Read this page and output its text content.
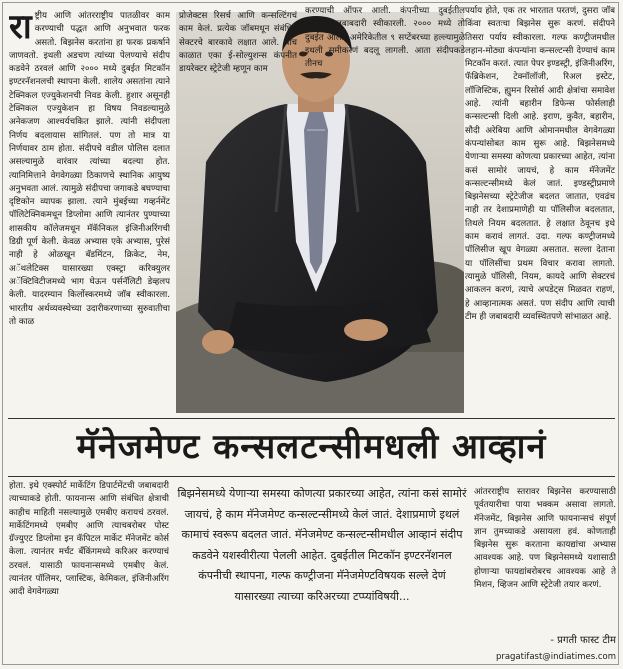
राष्ट्रीय आणि आंतरराष्ट्रीय पातळीवर काम करण्याची पद्धत आणि अनुभवात फरक असतो. बिझनेस करतांना हा फरक प्रकर्षाने जाणवतो. इथली अडचण त्यांच्या पेलण्याचे संदीप कडवेने ठरवलं आणि २००० मध्ये दुबईत मिटकॉन इण्टरनॅशनलची स्थापना केली. शालेय असतांना त्याने टेक्निकल एज्युकेशनची निवड केली. हुशार असूनही टेक्निकल एज्युकेशन हा विषय निवडल्यामुळे अनेकजण आश्चर्यचकित झाले. त्यांनी संदीपला निर्णय बदलायास सांगितलं. पण तो मात्र या निर्णयावर ठाम होता. संदीपचे वडील पोलिस दलात असल्यामुळे वारंवार त्यांच्या बदल्या होत. त्यानिमित्ताने वेगवेगळ्या ठिकाणचे स्थानिक आयुष्य अनुभवता आलं. त्यामुळे संदीपचा जगाकडे बघण्याचा दृष्टिकोन व्यापक झाला. त्याने मुंबईच्या गव्हर्नमेंट पॉलिटेक्निकमधून डिप्लोमा आणि त्यानंतर पुण्याच्या शासकीय कॉलेजमधून मॅकॅनिकल इंजिनीअरिंगची डिग्री पूर्ण केली. केवळ अभ्यास एके अभ्यास, पुरेसं नाही हे ओळखून बॅडमिंटन, क्रिकेट, नेम, अॅथलेटिक्स यासारख्या एक्स्ट्रा करिक्युलर अॅक्टिविटीजमध्ये भाग घेऊन पर्सनॅलिटी डेव्हलप केली. यादरम्यान किर्लोस्करमध्ये जॉब स्वीकारला. भारतीय अर्थव्यवस्थेच्या उदारीकरणाच्या सुरुवातीचा तो काळ
प्रोजेक्टस रिसर्च आणि कन्सल्टिंगचं काम केलं. प्रत्येक जॉबमधून संबंधित सेक्टरचे बारकावे लक्षात आले. याच काळात एका ई-सोल्युशन्स कंपनीत डायरेक्टर स्ट्रेटेजी म्हणून काम
करण्याची ऑफर आली. कंपनीच्या दुबईतील कामाची जबाबदारी स्वीकारली. २००० मध्ये तो दुबईत आला. अमेरिकेतील ९ सप्टेंबरच्या हल्ल्यामुळे इथली समीकरणं बदलू लागली. आता संदीपकडे तीनच
पर्याय होते, एक तर भारतात परतणं, दुसरा जॉब किंवा स्वतःचा बिझनेस सुरू करणं. संदीपने तिसरा पर्याय स्वीकारला. गल्फ कण्ट्रीजमधील लहान-मोठ्या कंपन्यांना कन्सल्टन्सी देण्याचं काम मिटकॉन करतं. त्यात पेपर इण्डस्ट्री, इंजिनीअरिंग, फॅब्रिकेशन, टेक्नॉलॉजी, रिअल इस्टेट, लॉजिस्टिक, ह्युमन रिसोर्स आदी क्षेत्रांचा समावेश आहे. त्यांनी बहारीन डिफेन्स फोर्सलाही कन्सल्टन्सी दिली आहे. इराण, कुवैत, बहारीन, सौदी अरेबिया आणि ओमानमधील वेगवेगळ्या कंपन्यांसोबत काम सुरू आहे. बिझनेसमध्ये येणाऱ्या समस्या कोणत्या प्रकारच्या आहेत, त्यांना कसं सामोरं जायचं, हे काम मॅनेजमेंट कन्सल्टन्सीमध्ये केलं जातं. इण्डस्ट्रीप्रमाणे बिझनेसच्या स्ट्रेटेजीज बदलत जातात, एवढंच नाही तर देशाप्रमाणेही या पॉलिसीज बदलतात, तिथले नियम बदलतात. हे लक्षात ठेवूनच इथे काम करावं लागतं. उदा. गल्फ कण्ट्रीजमध्ये पॉलिसीज खूप वेगळ्या असतात. सल्ला देताना या पॉलिसींचा प्रथम विचार करावा लागतो. त्यामुळे पॉलिसी, नियम, कायदे आणि सेक्टरचं आकलन करणं, त्याचे अपडेट्स मिळवत राहणं, हे आव्हानात्मक असतं. पण संदीप आणि त्याची टीम ही जबाबदारी व्यवस्थितपणे सांभाळत आहे.
मॅनेजमेण्ट कन्सलटन्सीमधली आव्हानं
होता. इथे एक्स्पोर्ट मार्केटिंग डिपार्टमेंटची जबाबदारी त्याच्याकडे होती. फायनान्स आणि संबंधित क्षेत्राची काहीच माहिती नसल्यामुळे एमबीए करायचं ठरवलं. मार्केटिंगमध्ये एमबीए आणि त्याचबरोबर पोस्ट ग्रॅज्युएट डिप्लोमा इन कॅपिटल मार्केट मॅनेजमेंट कोर्स केला. त्यानंतर मर्चंट बँकिंगमध्ये करिअर करण्याचं ठरवलं. यासाठी फायनान्समध्ये एमबीए केलं. त्यानंतर पॉलिमर, प्लास्टिक, केमिकल, इंजिनीअरिंग आदी वेगवेगळ्या
बिझनेसमध्ये येणाऱ्या समस्या कोणत्या प्रकारच्या आहेत, त्यांना कसं सामोरं जायचं, हे काम मॅनेजमेण्ट कन्सल्टन्सीमध्ये केलं जातं. देशाप्रमाणे इथलं कामाचं स्वरूप बदलत जातं. मॅनेजमेण्ट कन्सल्टन्सीमधील आव्हानं संदीप कडवेने यशस्वीरीत्या पेलली आहेत. दुबईतील मिटकॉन इण्टरनॅशनल कंपनीची स्थापना, गल्फ कण्ट्रीजना मॅनेजमेण्टविषयक सल्ले देणं यासारख्या त्याच्या करिअरच्या टप्प्यांविषयी...
आंतरराष्ट्रीय स्तरावर बिझनेस करण्यासाठी पूर्वतयारीचा पाया भक्कम असावा लागतो. मॅनेजमेंट, बिझनेस आणि फायनान्सचं संपूर्ण ज्ञान तुमच्याकडे असायला हवं. कोणताही बिझनेस सुरू करताना कायद्यांचा अभ्यास आवश्यक आहे. पण बिझनेसमध्ये यशासाठी होणाऱ्या फायद्यांबरोबरच आवश्यक आहे ते मिशन, व्हिजन आणि स्ट्रेटेजी तयार करणं.
- प्रगती फास्ट टीम
pragatifast@indiatimes.com
